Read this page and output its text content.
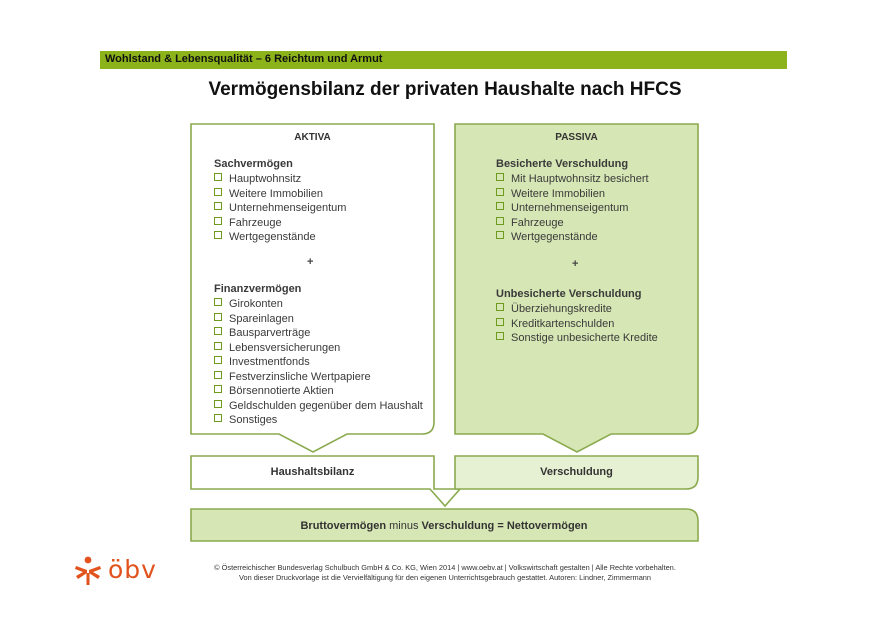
Wohlstand & Lebensqualität – 6 Reichtum und Armut
Vermögensbilanz der privaten Haushalte nach HFCS
AKTIVA
Sachvermögen
Hauptwohnsitz
Weitere Immobilien
Unternehmenseigentum
Fahrzeuge
Wertgegenstände
+
Finanzvermögen
Girokonten
Spareinlagen
Bausparverträge
Lebensversicherungen
Investmentfonds
Festverzinsliche Wertpapiere
Börsennotierte Aktien
Geldschulden gegenüber dem Haushalt
Sonstiges
PASSIVA
Besicherte Verschuldung
Mit Hauptwohnsitz besichert
Weitere Immobilien
Unternehmenseigentum
Fahrzeuge
Wertgegenstände
+
Unbesicherte Verschuldung
Überziehungskredite
Kreditkartenschulden
Sonstige unbesicherte Kredite
Haushaltsbilanz	Verschuldung
Bruttovermögen minus Verschuldung = Nettovermögen
öbv	© Österreichischer Bundesverlag Schulbuch GmbH & Co. KG, Wien 2014 | www.oebv.at | Volkswirtschaft gestalten | Alle Rechte vorbehalten.
Von dieser Druckvorlage ist die Vervielfältigung für den eigenen Unterrichtsgebrauch gestattet. Autoren: Lindner, Zimmermann
